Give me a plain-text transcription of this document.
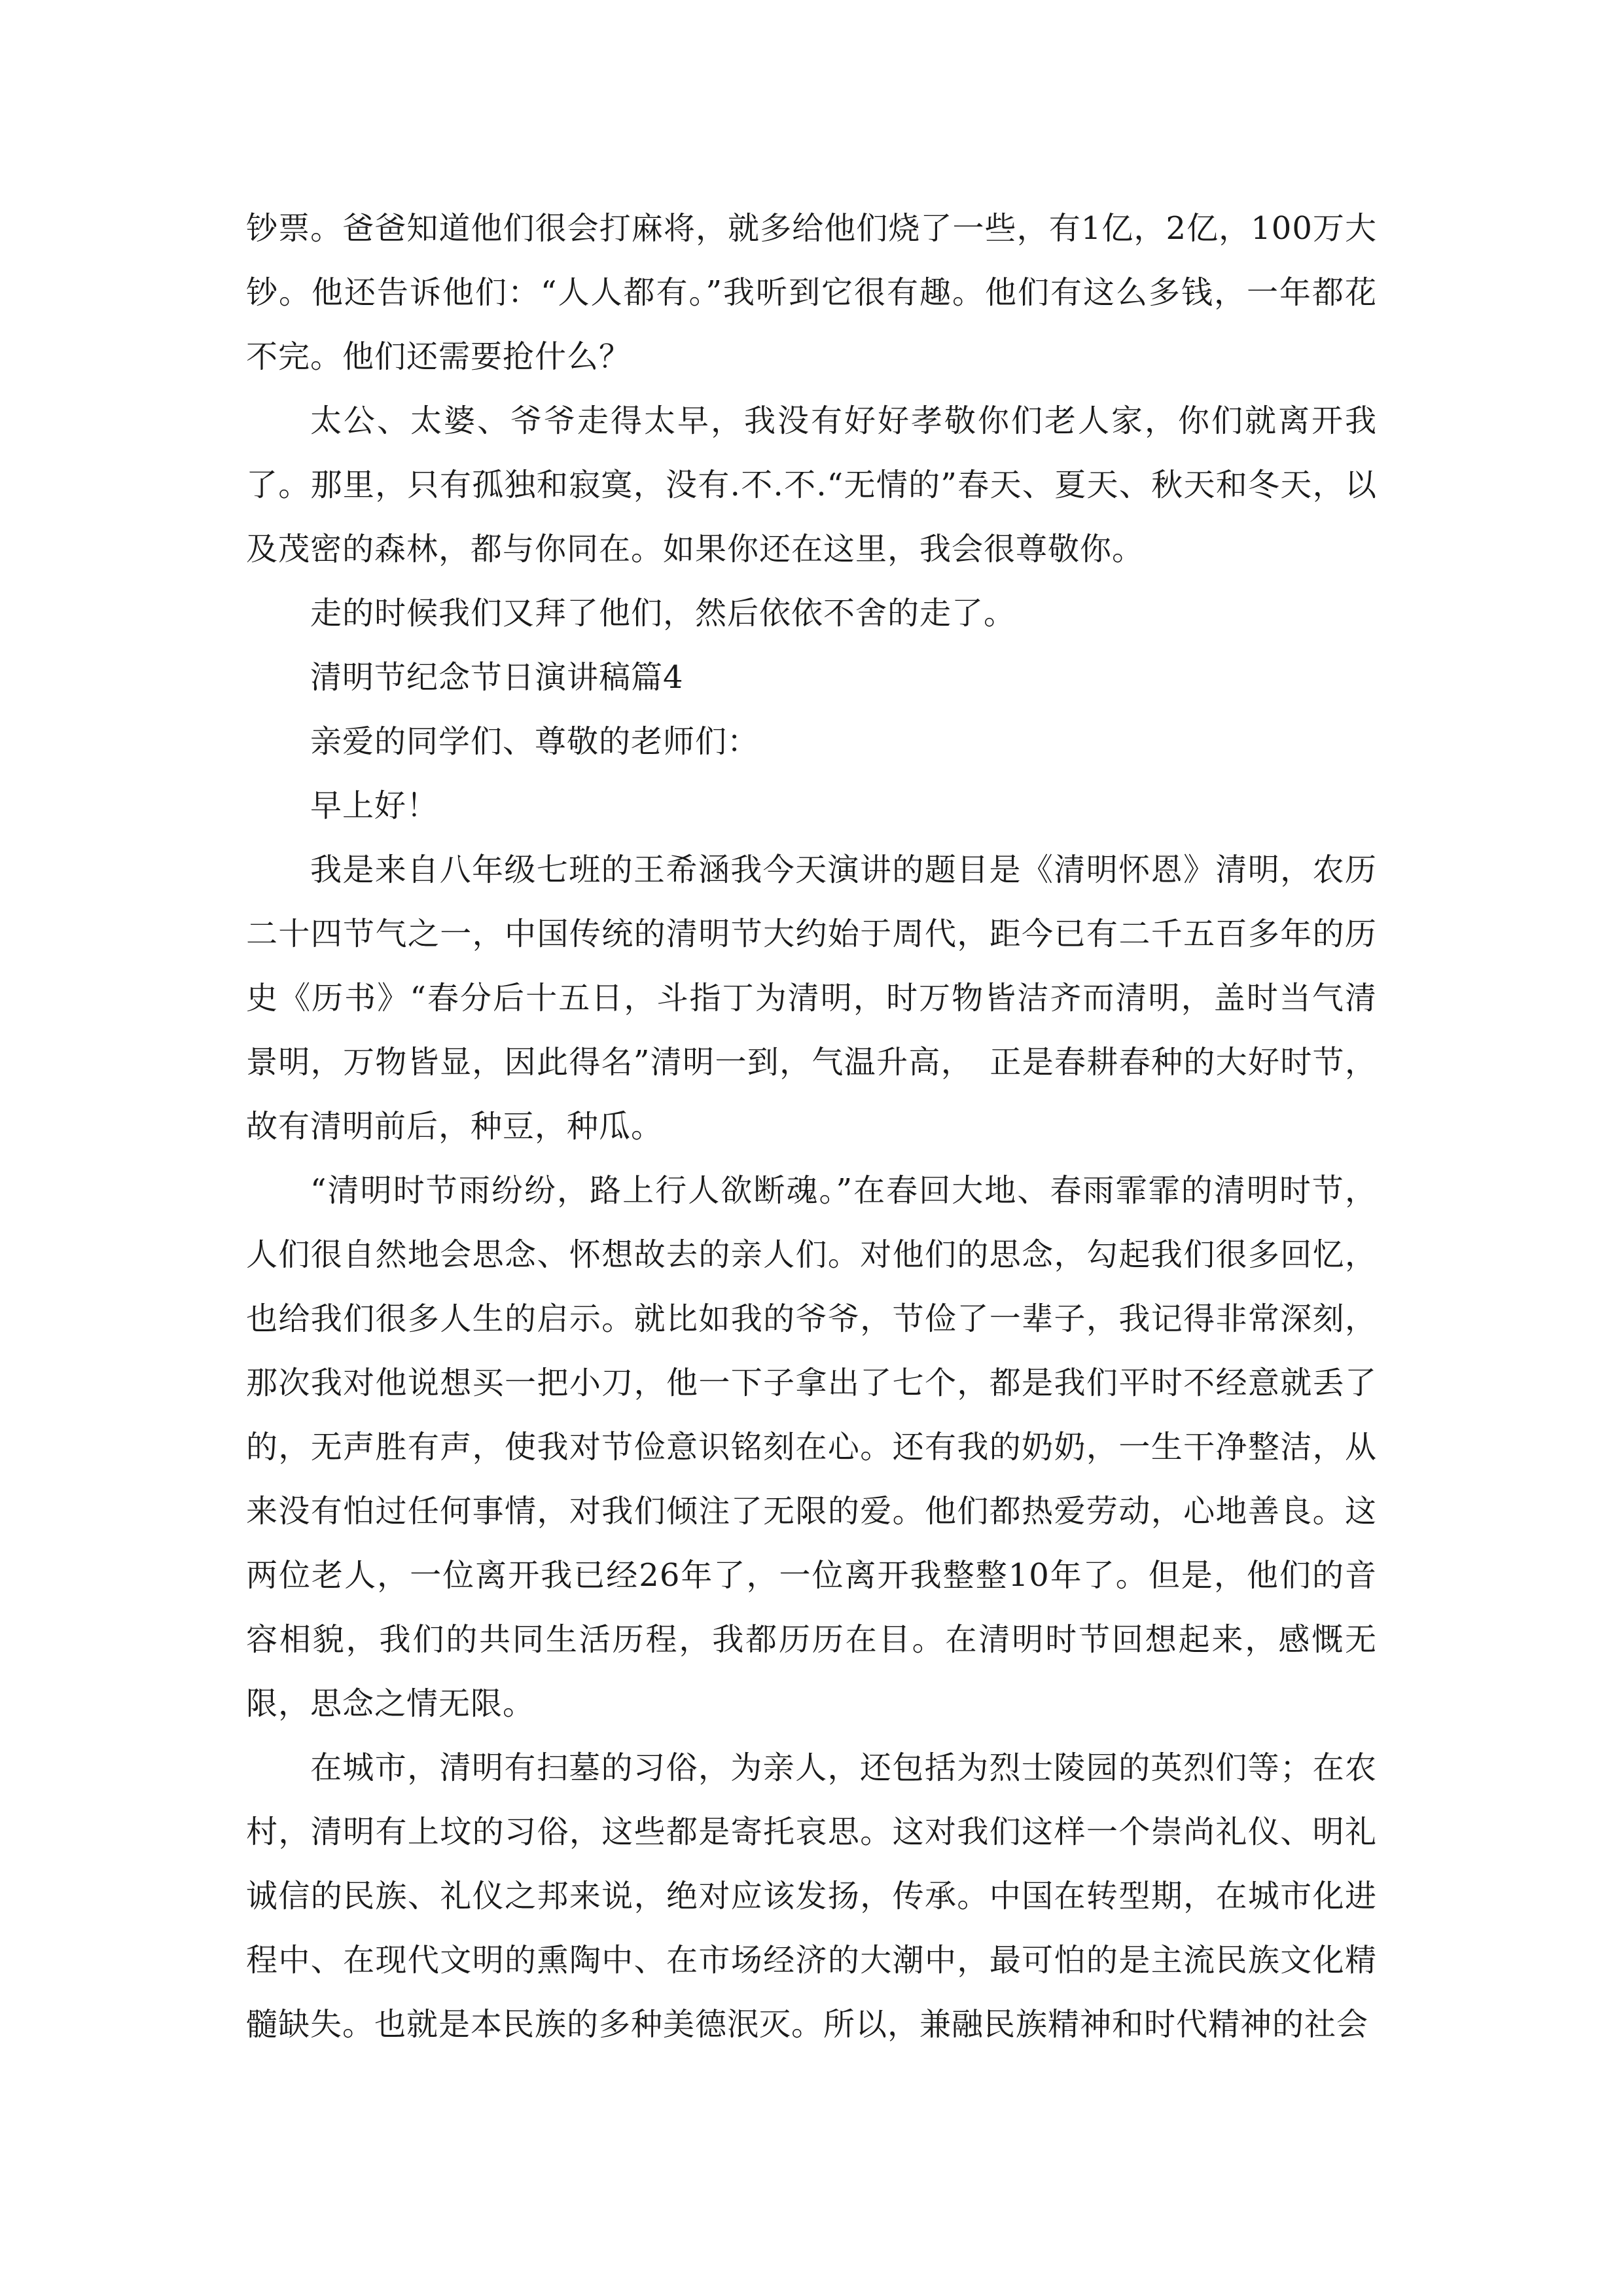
钞票。爸爸知道他们很会打麻将，就多给他们烧了一些，有1亿，2亿，100万大钞。他还告诉他们：“人人都有。”我听到它很有趣。他们有这么多钱，一年都花不完。他们还需要抢什么？

太公、太婆、爷爷走得太早，我没有好好孝敬你们老人家，你们就离开我了。那里，只有孤独和寂寞，没有.不.不.“无情的”春天、夏天、秋天和冬天，以及茂密的森林，都与你同在。如果你还在这里，我会很尊敬你。

走的时候我们又拜了他们，然后依依不舍的走了。

清明节纪念节日演讲稿篇4

亲爱的同学们、尊敬的老师们：

早上好！

我是来自八年级七班的王希涵我今天演讲的题目是《清明怀恩》清明，农历二十四节气之一，中国传统的清明节大约始于周代，距今已有二千五百多年的历史《历书》“春分后十五日，斗指丁为清明，时万物皆洁齐而清明，盖时当气清景明，万物皆显，因此得名”清明一到，气温升高，　正是春耕春种的大好时节，故有清明前后，种豆，种瓜。

“清明时节雨纷纷，路上行人欲断魂。”在春回大地、春雨霏霏的清明时节，人们很自然地会思念、怀想故去的亲人们。对他们的思念，勾起我们很多回忆，也给我们很多人生的启示。就比如我的爷爷，节俭了一辈子，我记得非常深刻，那次我对他说想买一把小刀，他一下子拿出了七个，都是我们平时不经意就丢了的，无声胜有声，使我对节俭意识铭刻在心。还有我的奶奶，一生干净整洁，从来没有怕过任何事情，对我们倾注了无限的爱。他们都热爱劳动，心地善良。这两位老人，一位离开我已经26年了，一位离开我整整10年了。但是，他们的音容相貌，我们的共同生活历程，我都历历在目。在清明时节回想起来，感慨无限，思念之情无限。

在城市，清明有扫墓的习俗，为亲人，还包括为烈士陵园的英烈们等；在农村，清明有上坟的习俗，这些都是寄托哀思。这对我们这样一个崇尚礼仪、明礼诚信的民族、礼仪之邦来说，绝对应该发扬，传承。中国在转型期，在城市化进程中、在现代文明的熏陶中、在市场经济的大潮中，最可怕的是主流民族文化精髓缺失。也就是本民族的多种美德泯灭。所以，兼融民族精神和时代精神的社会
